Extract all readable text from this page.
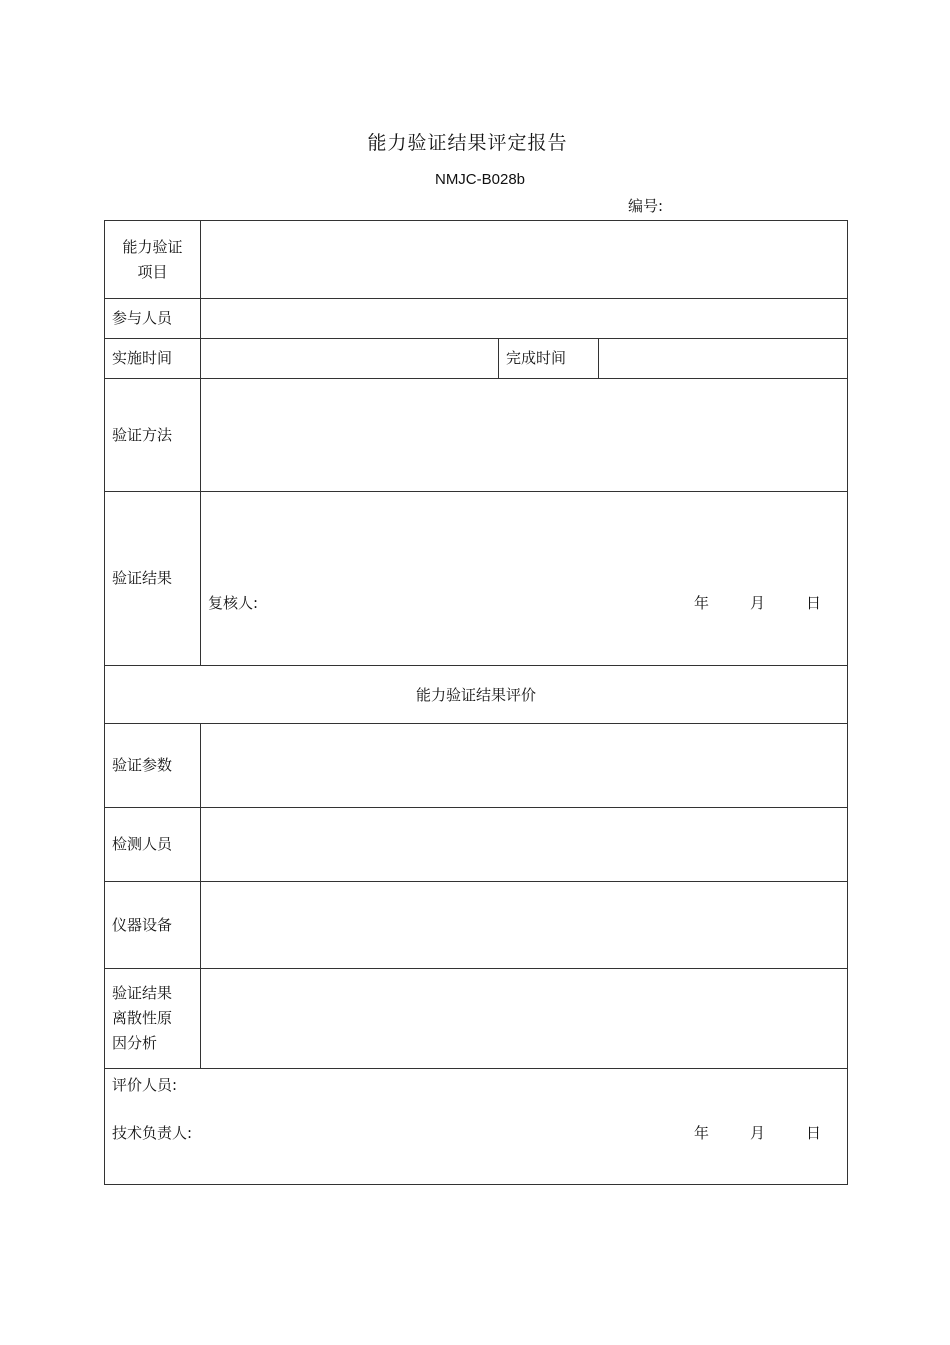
能力验证结果评定报告
NMJC-B028b
编号:
能力验证
项目			

参与人员			
实施时间		完成时间	
验证方法			
验证结果	复核人: 年 月 日		

能力验证结果评价			
验证参数			
检测人员			
仪器设备			

验证结果
离散性原
因分析			

评价人员:
技术负责人: 年 月 日			
